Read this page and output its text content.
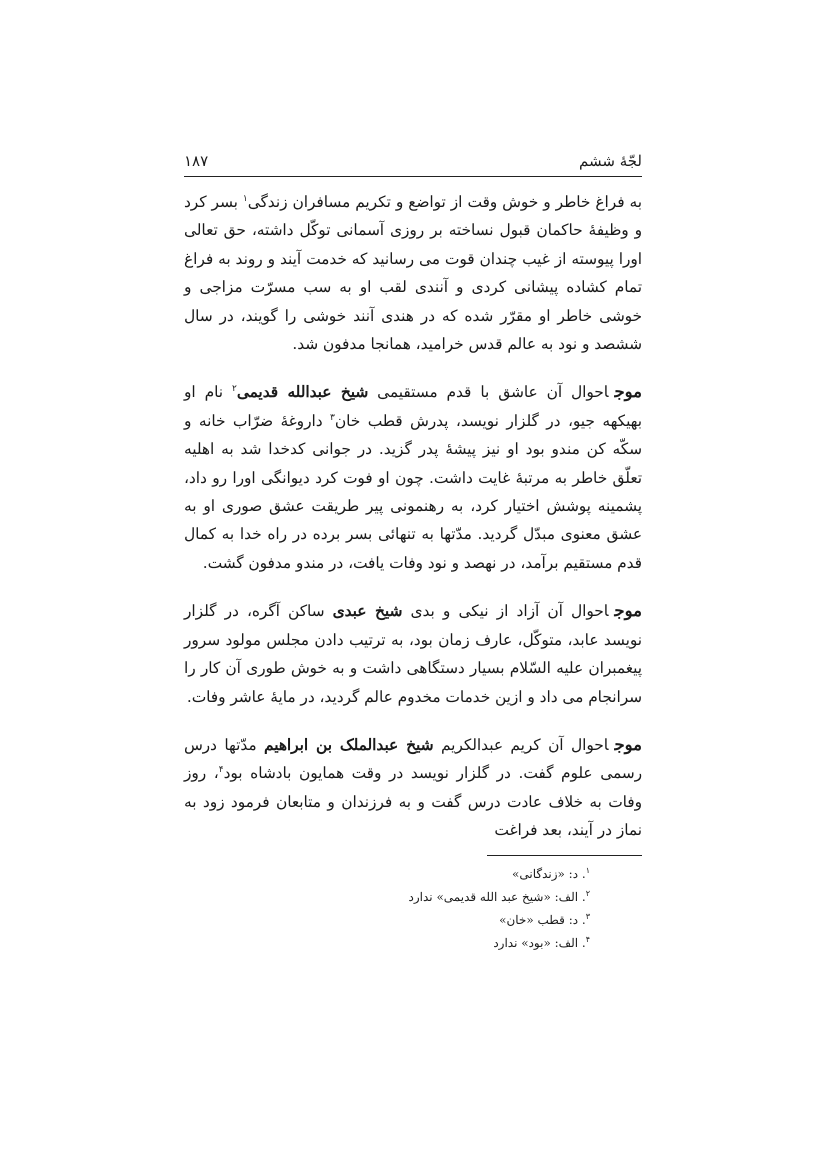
لجّهٔ ششم
۱۸۷

به فراغ خاطر و خوش وقت از تواضع و تکریم مسافران زندگی$^۱$ بسر کرد و وظیفهٔ حاکمان قبول نساخته بر روزی آسمانی توکّل داشته، حق تعالی اورا پیوسته از غیب چندان قوت می رسانید که خدمت آیند و روند به فراغ تمام کشاده پیشانی کردی و آنندی لقب او به سب مسرّت مزاجی و خوشی خاطر او مقرّر شده که در هندی آنند خوشی را گویند، در سال ششصد و نود به عالم قدس خرامید، همانجا مدفون شد.

موجاحوال آن عاشق با قدم مستقیمی شیخ عبدالله قدیمی$^۲$ نام او بهیکهه جیو، در گلزار نویسد، پدرش قطب خان$^۳$ داروغهٔ ضرّاب خانه و سکّه کن مندو بود او نیز پیشهٔ پدر گزید. در جوانی کدخدا شد به اهلیه تعلّق خاطر به مرتبهٔ غایت داشت. چون او فوت کرد دیوانگی اورا رو داد، پشمینه پوشش اختیار کرد، به رهنمونی پیر طریقت عشق صوری او به عشق معنوی مبدّل گردید. مدّتها به تنهائی بسر برده در راه خدا به کمال قدم مستقیم برآمد، در نهصد و نود وفات یافت، در مندو مدفون گشت.

موجاحوال آن آزاد از نیکی و بدی شیخ عبدی ساکن آگره، در گلزار نویسد عابد، متوکّل، عارف زمان بود، به ترتیب دادن مجلس مولود سرور پیغمبران علیه السّلام بسیار دستگاهی داشت و به خوش طوری آن کار را سرانجام می داد و ازین خدمات مخدوم عالم گردید، در مایهٔ عاشر وفات.

موجاحوال آن کریم عبدالکریم شیخ عبدالملک بن ابراهیم مدّتها درس رسمی علوم گفت. در گلزار نویسد در وقت همایون بادشاه بود$^۴$، روز وفات به خلاف عادت درس گفت و به فرزندان و متابعان فرمود زود به نماز در آیند، بعد فراغت

$^۱$. د: «زندگانی»

$^۲$. الف: «شیخ عبد الله قدیمی» ندارد

$^۳$. د: قطب «خان»

$^۴$. الف: «بود» ندارد
